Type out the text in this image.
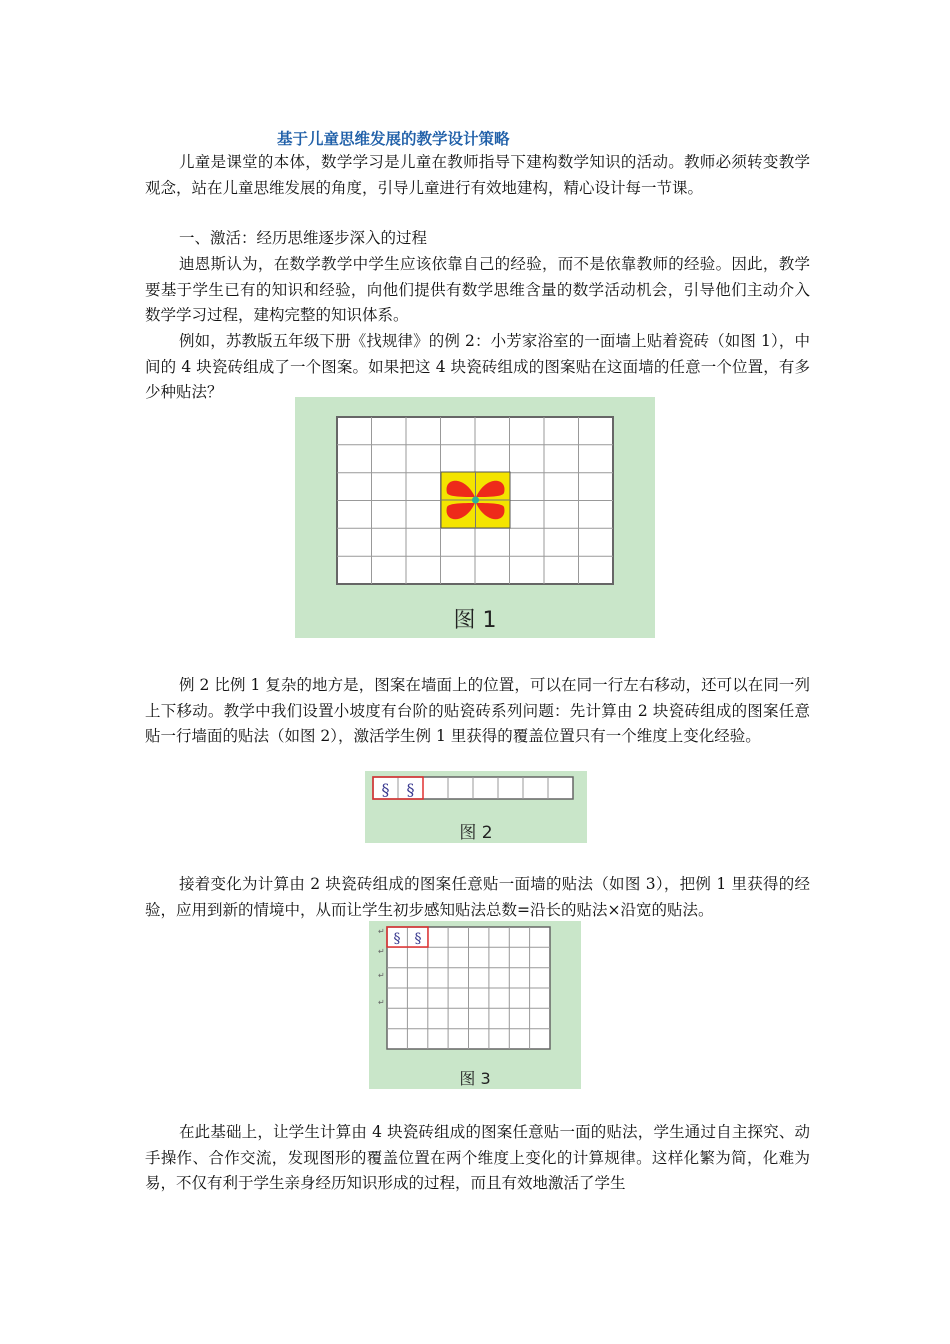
基于儿童思维发展的教学设计策略

儿童是课堂的本体，数学学习是儿童在教师指导下建构数学知识的活动。教师必须转变教学观念，站在儿童思维发展的角度，引导儿童进行有效地建构，精心设计每一节课。

一、激活：经历思维逐步深入的过程

迪恩斯认为，在数学教学中学生应该依靠自己的经验，而不是依靠教师的经验。因此，教学要基于学生已有的知识和经验，向他们提供有数学思维含量的数学活动机会，引导他们主动介入数学学习过程，建构完整的知识体系。

例如，苏教版五年级下册《找规律》的例 2：小芳家浴室的一面墙上贴着瓷砖（如图 1），中间的 4 块瓷砖组成了一个图案。如果把这 4 块瓷砖组成的图案贴在这面墙的任意一个位置，有多少种贴法？

图 1

例 2 比例 1 复杂的地方是，图案在墙面上的位置，可以在同一行左右移动，还可以在同一列上下移动。教学中我们设置小坡度有台阶的贴瓷砖系列问题：先计算由 2 块瓷砖组成的图案任意贴一行墙面的贴法（如图 2），激活学生例 1 里获得的覆盖位置只有一个维度上变化经验。

§ §
图 2

接着变化为计算由 2 块瓷砖组成的图案任意贴一面墙的贴法（如图 3），把例 1 里获得的经验，应用到新的情境中，从而让学生初步感知贴法总数=沿长的贴法×沿宽的贴法。

§ §
↵
↵
↵
↵
图 3

在此基础上，让学生计算由 4 块瓷砖组成的图案任意贴一面的贴法，学生通过自主探究、动手操作、合作交流，发现图形的覆盖位置在两个维度上变化的计算规律。这样化繁为简，化难为易，不仅有利于学生亲身经历知识形成的过程，而且有效地激活了学生
